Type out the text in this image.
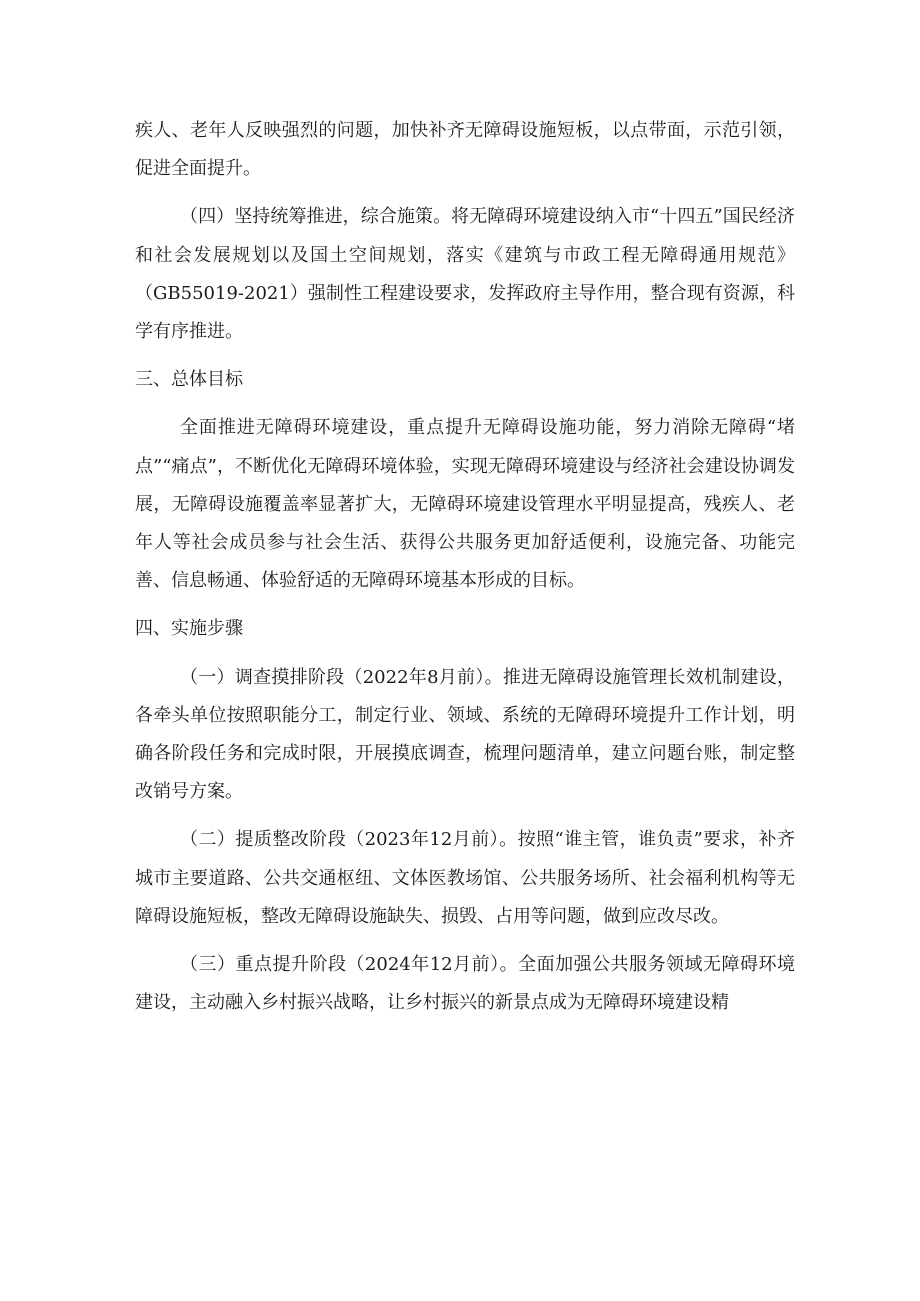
疾人、老年人反映强烈的问题，加快补齐无障碍设施短板，以点带面，示范引领，促进全面提升。

（四）坚持统筹推进，综合施策。将无障碍环境建设纳入市“十四五”国民经济和社会发展规划以及国土空间规划，落实《建筑与市政工程无障碍通用规范》（GB55019-2021）强制性工程建设要求，发挥政府主导作用，整合现有资源，科学有序推进。

三、总体目标

全面推进无障碍环境建设，重点提升无障碍设施功能，努力消除无障碍“堵点”“痛点”，不断优化无障碍环境体验，实现无障碍环境建设与经济社会建设协调发展，无障碍设施覆盖率显著扩大，无障碍环境建设管理水平明显提高，残疾人、老年人等社会成员参与社会生活、获得公共服务更加舒适便利，设施完备、功能完善、信息畅通、体验舒适的无障碍环境基本形成的目标。

四、实施步骤

（一）调查摸排阶段（2022年8月前）。推进无障碍设施管理长效机制建设，各牵头单位按照职能分工，制定行业、领域、系统的无障碍环境提升工作计划，明确各阶段任务和完成时限，开展摸底调查，梳理问题清单，建立问题台账，制定整改销号方案。

（二）提质整改阶段（2023年12月前）。按照“谁主管，谁负责”要求，补齐城市主要道路、公共交通枢纽、文体医教场馆、公共服务场所、社会福利机构等无障碍设施短板，整改无障碍设施缺失、损毁、占用等问题，做到应改尽改。

（三）重点提升阶段（2024年12月前）。全面加强公共服务领域无障碍环境建设，主动融入乡村振兴战略，让乡村振兴的新景点成为无障碍环境建设精
